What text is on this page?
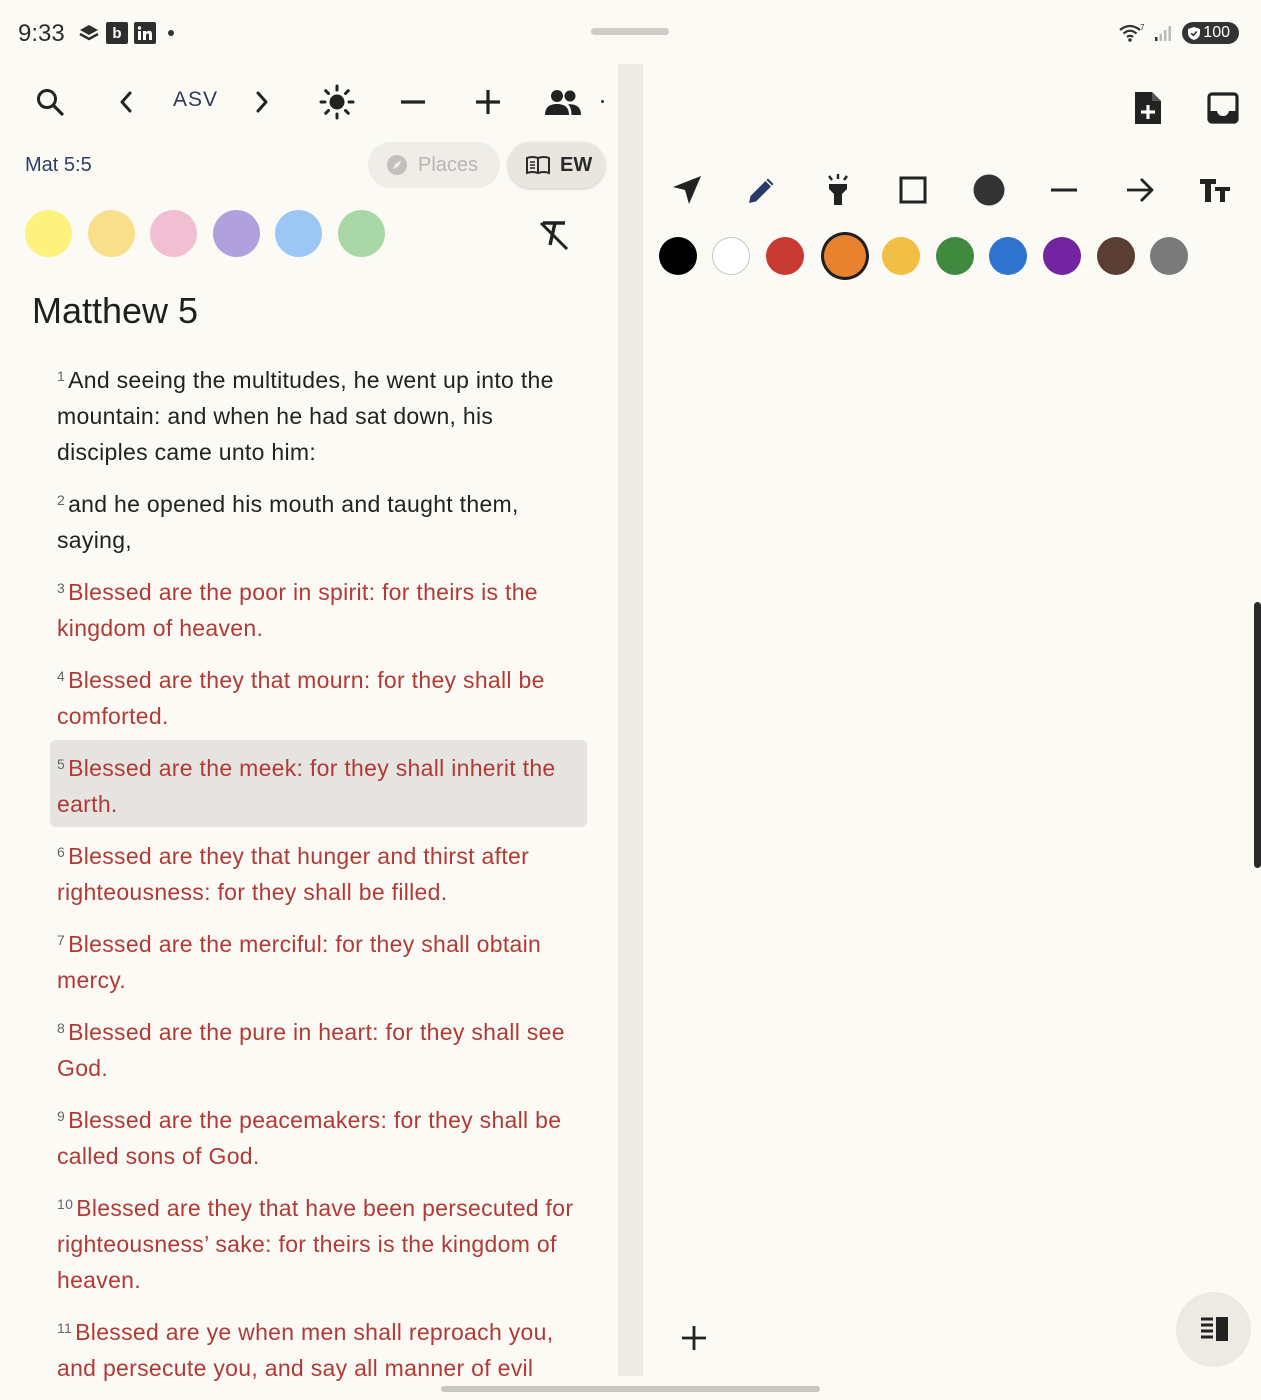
9:33	b	7	100
ASV
Mat 5:5	Places	EW
Matthew 5

$^1$ And seeing the multitudes, he went up into the mountain: and when he had sat down, his disciples came unto him:

$^2$ and he opened his mouth and taught them, saying,

$^3$ Blessed are the poor in spirit: for theirs is the kingdom of heaven.

$^4$ Blessed are they that mourn: for they shall be comforted.

$^5$ Blessed are the meek: for they shall inherit the earth.

$^6$ Blessed are they that hunger and thirst after righteousness: for they shall be filled.

$^7$ Blessed are the merciful: for they shall obtain mercy.

$^8$ Blessed are the pure in heart: for they shall see God.

$^9$ Blessed are the peacemakers: for they shall be called sons of God.

$^{10}$ Blessed are they that have been persecuted for righteousness’ sake: for theirs is the kingdom of heaven.

$^{11}$ Blessed are ye when men shall reproach you, and persecute you, and say all manner of evil
